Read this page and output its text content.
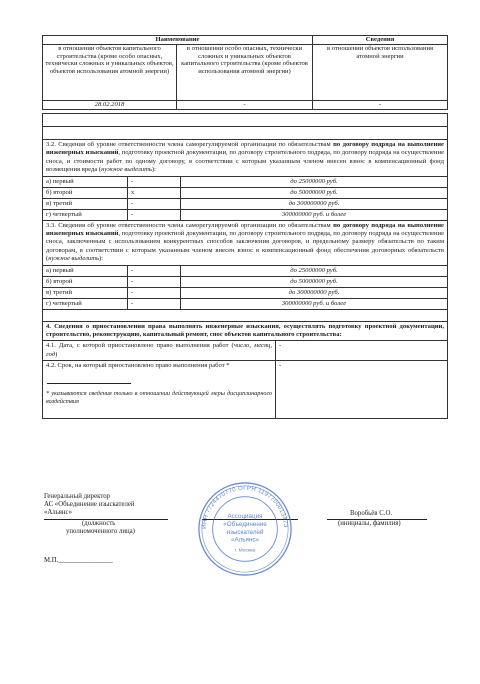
Наименование		Сведения
в отношении объектов капитального строительства (кроме особо опасных, технически сложных и уникальных объектов, объектов использования атомной энергии)	в отношении особо опасных, технически сложных и уникальных объектов капитального строительства (кроме объектов использования атомной энергии)	в отношении объектов использования атомной энергии
28.02.2018	-	-

3.2. Сведения об уровне ответственности члена саморегулируемой организации по обязательствам по договору подряда на выполнение инженерных изысканий, подготовку проектной документации, по договору строительного подряда, по договору подряда на осуществление сноса, и стоимости работ по одному договору, в соответствии с которым указанным членом внесен взнос в компенсационный фонд возмещения вреда (нужное выделить):			
а) первый	-	до 25000000 руб.	
б) второй	x	до 50000000 руб.	
в) третий	-	до 300000000 руб.	
г) четвертый	-	300000000 руб. и более	
3.3. Сведения об уровне ответственности члена саморегулируемой организации по обязательствам по договору подряда на выполнение инженерных изысканий, подготовку проектной документации, по договору строительного подряда, по договору подряда на осуществление сноса, заключенным с использованием конкурентных способов заключения договоров, и предельному размеру обязательств по таким договорам, в соответствии с которым указанным членом внесен взнос в компенсационный фонд обеспечения договорных обязательств (нужное выделить):			
а) первый	-	до 25000000 руб.	
б) второй	-	до 50000000 руб.	
в) третий	-	до 300000000 руб.	
г) четвертый	-	300000000 руб. и более	

4. Сведения о приостановлении права выполнять инженерные изыскания, осуществлять подготовку проектной документации, строительство, реконструкцию, капитальный ремонт, снос объектов капитального строительства:			
4.1. Дата, с которой приостановлено право выполнения работ (число, месяц, год)			-

4.2. Срок, на который приостановлено право выполнения работ *
* указываются сведения только в отношении действующей меры дисциплинарного воздействия			-
Генеральный директор
АС «Объединение изыскателей
«Альянс»
(должность
уполномоченного лица)
Воробьёв С.О.
(инициалы, фамилия)
М.П.________________
ИНН 7724470770 ОГРН 1197700013473
Ассоциация
«Объединение
изыскателей
«Альянс»
г. Москва
